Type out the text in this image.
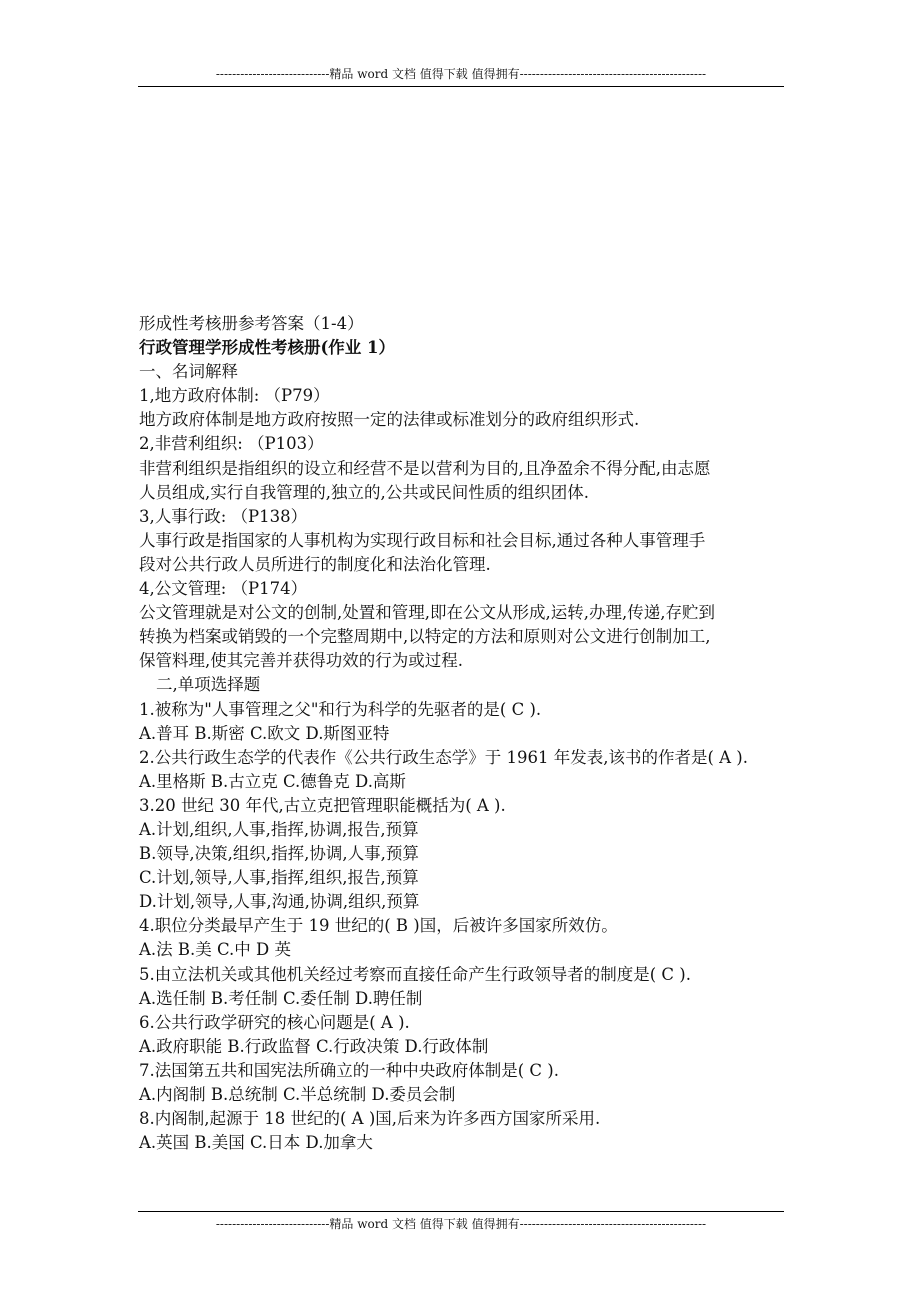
----------------------------精品 word 文档 值得下载 值得拥有----------------------------------------------
形成性考核册参考答案（1-4）
行政管理学形成性考核册(作业 1）
一、名词解释
1,地方政府体制: （P79）
地方政府体制是地方政府按照一定的法律或标准划分的政府组织形式.
2,非营利组织: （P103）
非营利组织是指组织的设立和经营不是以营利为目的,且净盈余不得分配,由志愿
人员组成,实行自我管理的,独立的,公共或民间性质的组织团体.
3,人事行政: （P138）
人事行政是指国家的人事机构为实现行政目标和社会目标,通过各种人事管理手
段对公共行政人员所进行的制度化和法治化管理.
4,公文管理: （P174）
公文管理就是对公文的创制,处置和管理,即在公文从形成,运转,办理,传递,存贮到
转换为档案或销毁的一个完整周期中,以特定的方法和原则对公文进行创制加工,
保管料理,使其完善并获得功效的行为或过程.
二,单项选择题
1.被称为"人事管理之父"和行为科学的先驱者的是( C ).
A.普耳 B.斯密 C.欧文 D.斯图亚特
2.公共行政生态学的代表作《公共行政生态学》于 1961 年发表,该书的作者是( A ).
A.里格斯 B.古立克 C.德鲁克 D.高斯
3.20 世纪 30 年代,古立克把管理职能概括为( A ).
A.计划,组织,人事,指挥,协调,报告,预算
B.领导,决策,组织,指挥,协调,人事,预算
C.计划,领导,人事,指挥,组织,报告,预算
D.计划,领导,人事,沟通,协调,组织,预算
4.职位分类最早产生于 19 世纪的( B )国，后被许多国家所效仿。
A.法 B.美 C.中 D 英
5.由立法机关或其他机关经过考察而直接任命产生行政领导者的制度是( C ).
A.选任制 B.考任制 C.委任制 D.聘任制
6.公共行政学研究的核心问题是( A ).
A.政府职能 B.行政监督 C.行政决策 D.行政体制
7.法国第五共和国宪法所确立的一种中央政府体制是( C ).
A.内阁制 B.总统制 C.半总统制 D.委员会制
8.内阁制,起源于 18 世纪的( A )国,后来为许多西方国家所采用.
A.英国 B.美国 C.日本 D.加拿大
----------------------------精品 word 文档 值得下载 值得拥有----------------------------------------------
